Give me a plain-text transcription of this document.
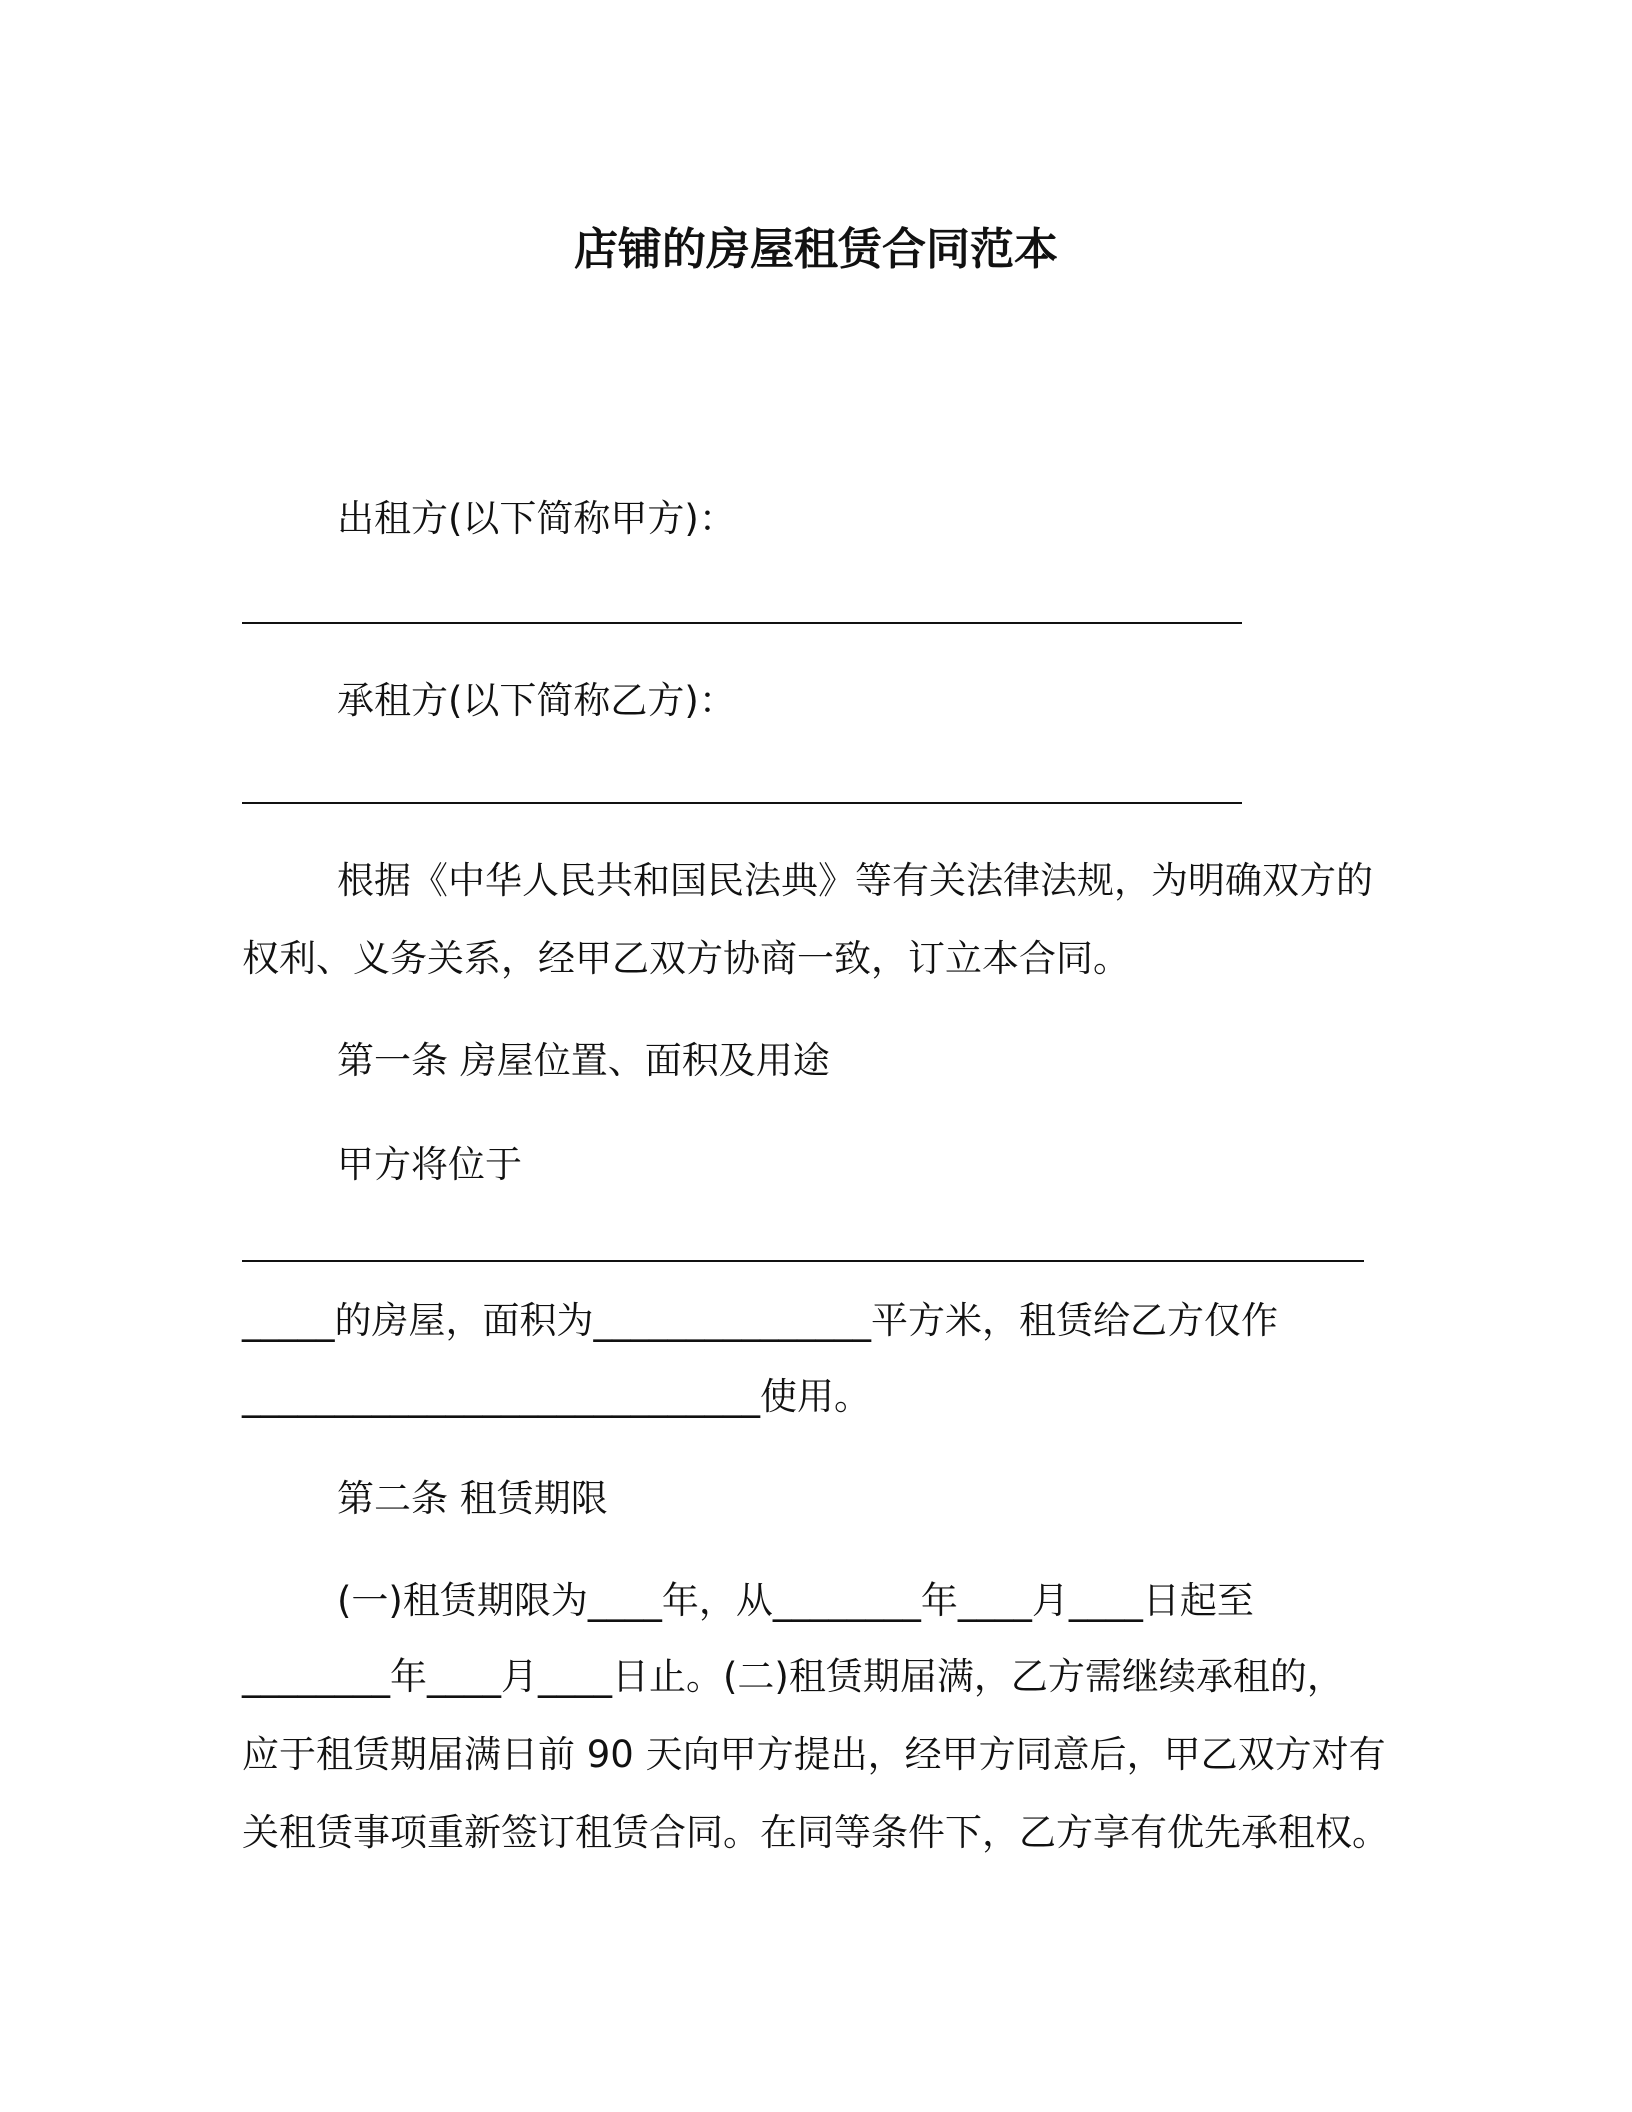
店铺的房屋租赁合同范本
出租方(以下简称甲方)：
承租方(以下简称乙方)：
根据《中华人民共和国民法典》等有关法律法规，为明确双方的
权利、义务关系，经甲乙双方协商一致，订立本合同。
第一条 房屋位置、面积及用途
甲方将位于
_____的房屋，面积为_______________平方米，租赁给乙方仅作
____________________________使用。
第二条 租赁期限
(一)租赁期限为____年，从________年____月____日起至
________年____月____日止。(二)租赁期届满，乙方需继续承租的，
应于租赁期届满日前 90 天向甲方提出，经甲方同意后，甲乙双方对有
关租赁事项重新签订租赁合同。在同等条件下，乙方享有优先承租权。
